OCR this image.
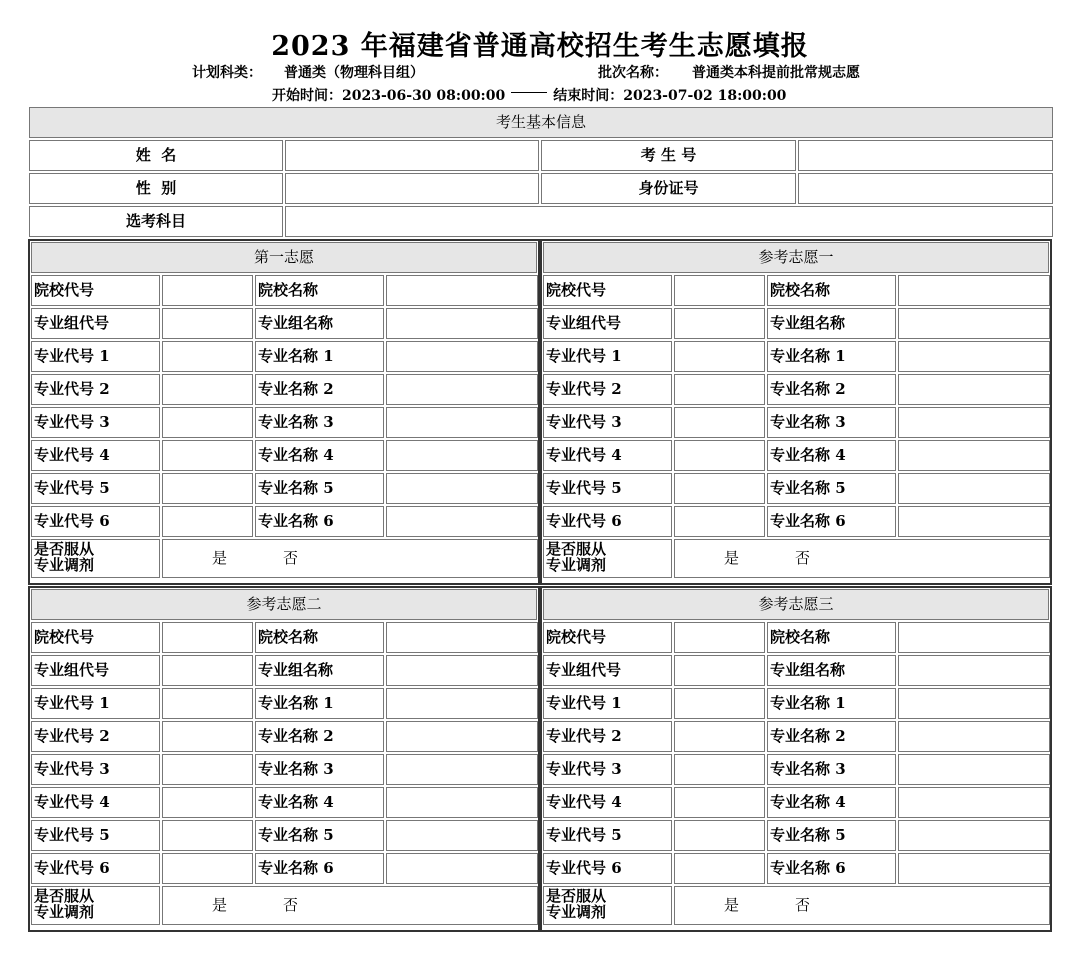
2023 年福建省普通高校招生考生志愿填报
计划科类： 普通类（物理科目组）	批次名称： 普通类本科提前批常规志愿
开始时间：2023-06-30 08:00:00	结束时间：2023-07-02 18:00:00
考生基本信息
姓  名	考 生 号
性  别	身份证号
选考科目
第一志愿
院校代号	院校名称
专业组代号	专业组名称
专业代号 1	专业名称 1
专业代号 2	专业名称 2
专业代号 3	专业名称 3
专业代号 4	专业名称 4
专业代号 5	专业名称 5
专业代号 6	专业名称 6
是否服从
专业调剂	是	否
参考志愿一
院校代号	院校名称
专业组代号	专业组名称
专业代号 1	专业名称 1
专业代号 2	专业名称 2
专业代号 3	专业名称 3
专业代号 4	专业名称 4
专业代号 5	专业名称 5
专业代号 6	专业名称 6
是否服从
专业调剂	是	否
参考志愿二
院校代号	院校名称
专业组代号	专业组名称
专业代号 1	专业名称 1
专业代号 2	专业名称 2
专业代号 3	专业名称 3
专业代号 4	专业名称 4
专业代号 5	专业名称 5
专业代号 6	专业名称 6
是否服从
专业调剂	是	否
参考志愿三
院校代号	院校名称
专业组代号	专业组名称
专业代号 1	专业名称 1
专业代号 2	专业名称 2
专业代号 3	专业名称 3
专业代号 4	专业名称 4
专业代号 5	专业名称 5
专业代号 6	专业名称 6
是否服从
专业调剂	是	否
